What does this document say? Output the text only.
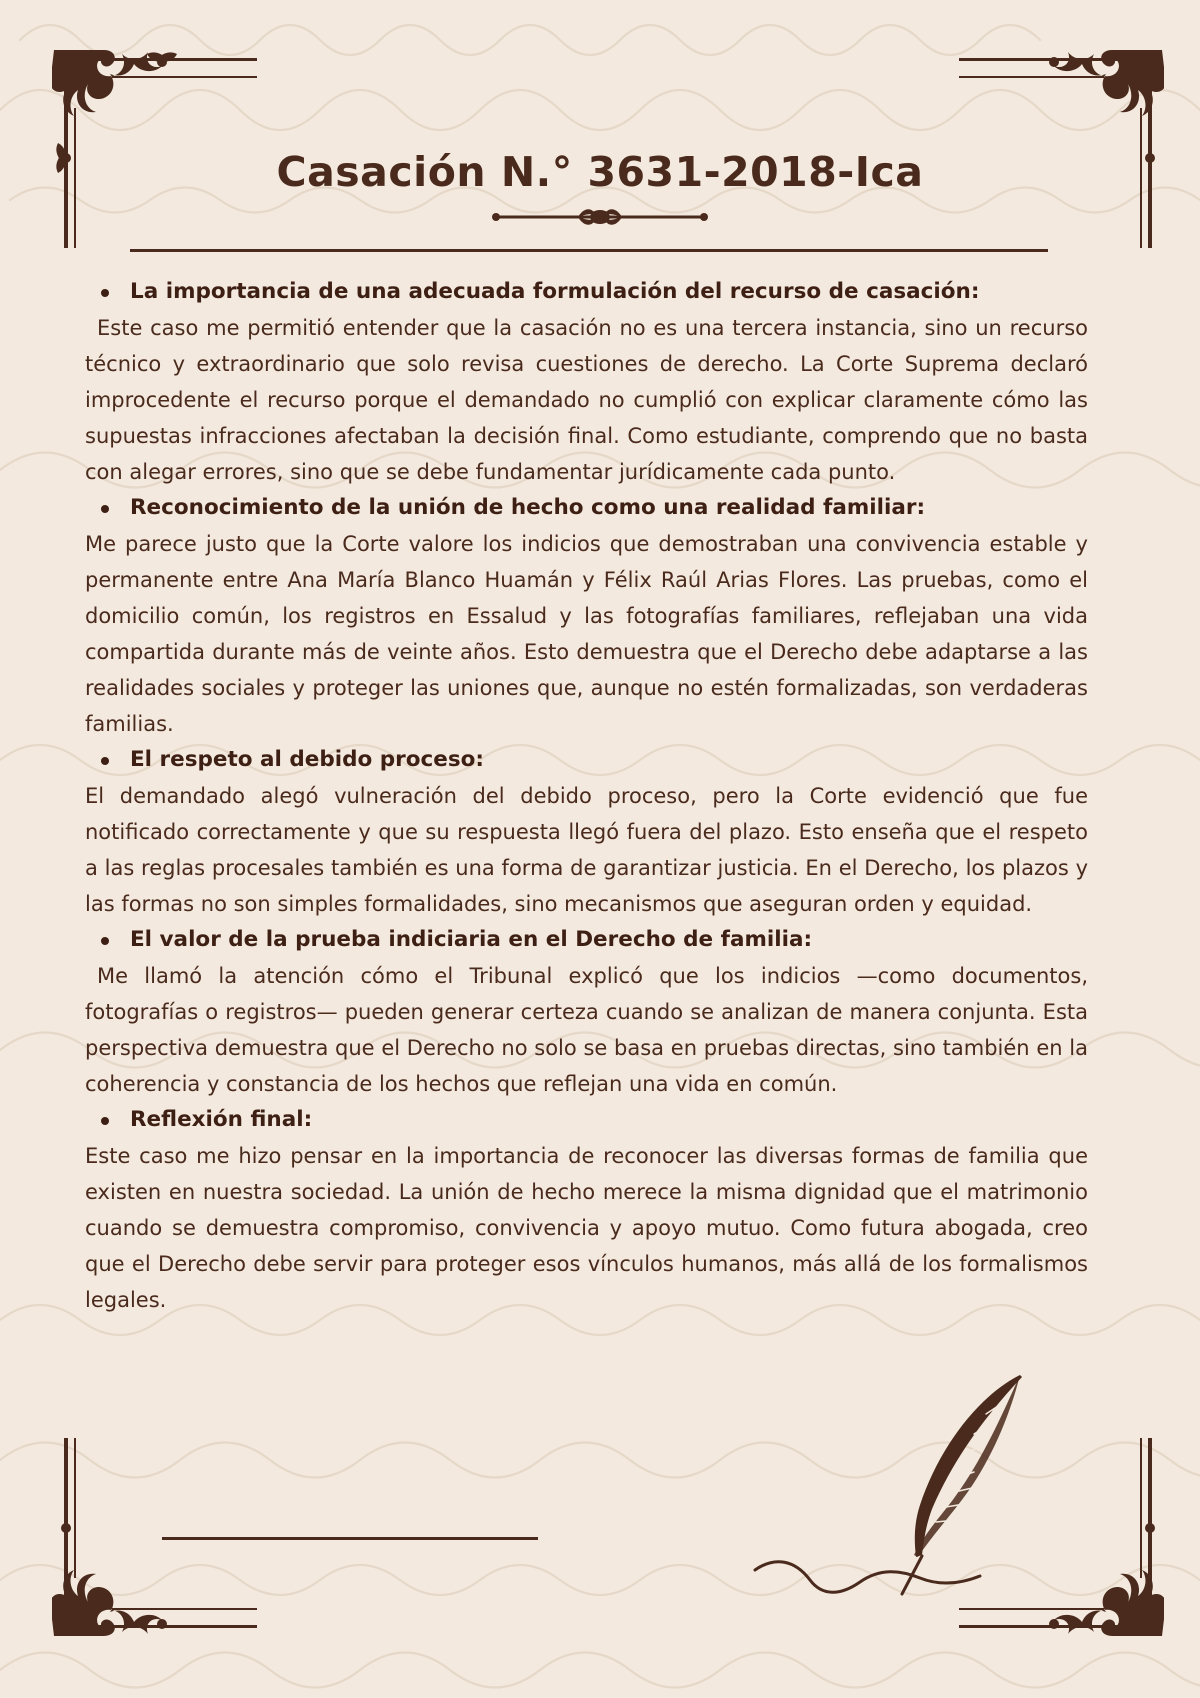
Casación N.° 3631-2018-Ica
La importancia de una adecuada formulación del recurso de casación:

Este caso me permitió entender que la casación no es una tercera instancia, sino un recurso técnico y extraordinario que solo revisa cuestiones de derecho. La Corte Suprema declaró improcedente el recurso porque el demandado no cumplió con explicar claramente cómo las supuestas infracciones afectaban la decisión final. Como estudiante, comprendo que no basta con alegar errores, sino que se debe fundamentar jurídicamente cada punto.

Reconocimiento de la unión de hecho como una realidad familiar:

Me parece justo que la Corte valore los indicios que demostraban una convivencia estable y permanente entre Ana María Blanco Huamán y Félix Raúl Arias Flores. Las pruebas, como el domicilio común, los registros en Essalud y las fotografías familiares, reflejaban una vida compartida durante más de veinte años. Esto demuestra que el Derecho debe adaptarse a las realidades sociales y proteger las uniones que, aunque no estén formalizadas, son verdaderas familias.

El respeto al debido proceso:

El demandado alegó vulneración del debido proceso, pero la Corte evidenció que fue notificado correctamente y que su respuesta llegó fuera del plazo. Esto enseña que el respeto a las reglas procesales también es una forma de garantizar justicia. En el Derecho, los plazos y las formas no son simples formalidades, sino mecanismos que aseguran orden y equidad.

El valor de la prueba indiciaria en el Derecho de familia:

Me llamó la atención cómo el Tribunal explicó que los indicios —como documentos, fotografías o registros— pueden generar certeza cuando se analizan de manera conjunta. Esta perspectiva demuestra que el Derecho no solo se basa en pruebas directas, sino también en la coherencia y constancia de los hechos que reflejan una vida en común.

Reflexión final:

Este caso me hizo pensar en la importancia de reconocer las diversas formas de familia que existen en nuestra sociedad. La unión de hecho merece la misma dignidad que el matrimonio cuando se demuestra compromiso, convivencia y apoyo mutuo. Como futura abogada, creo que el Derecho debe servir para proteger esos vínculos humanos, más allá de los formalismos legales.
